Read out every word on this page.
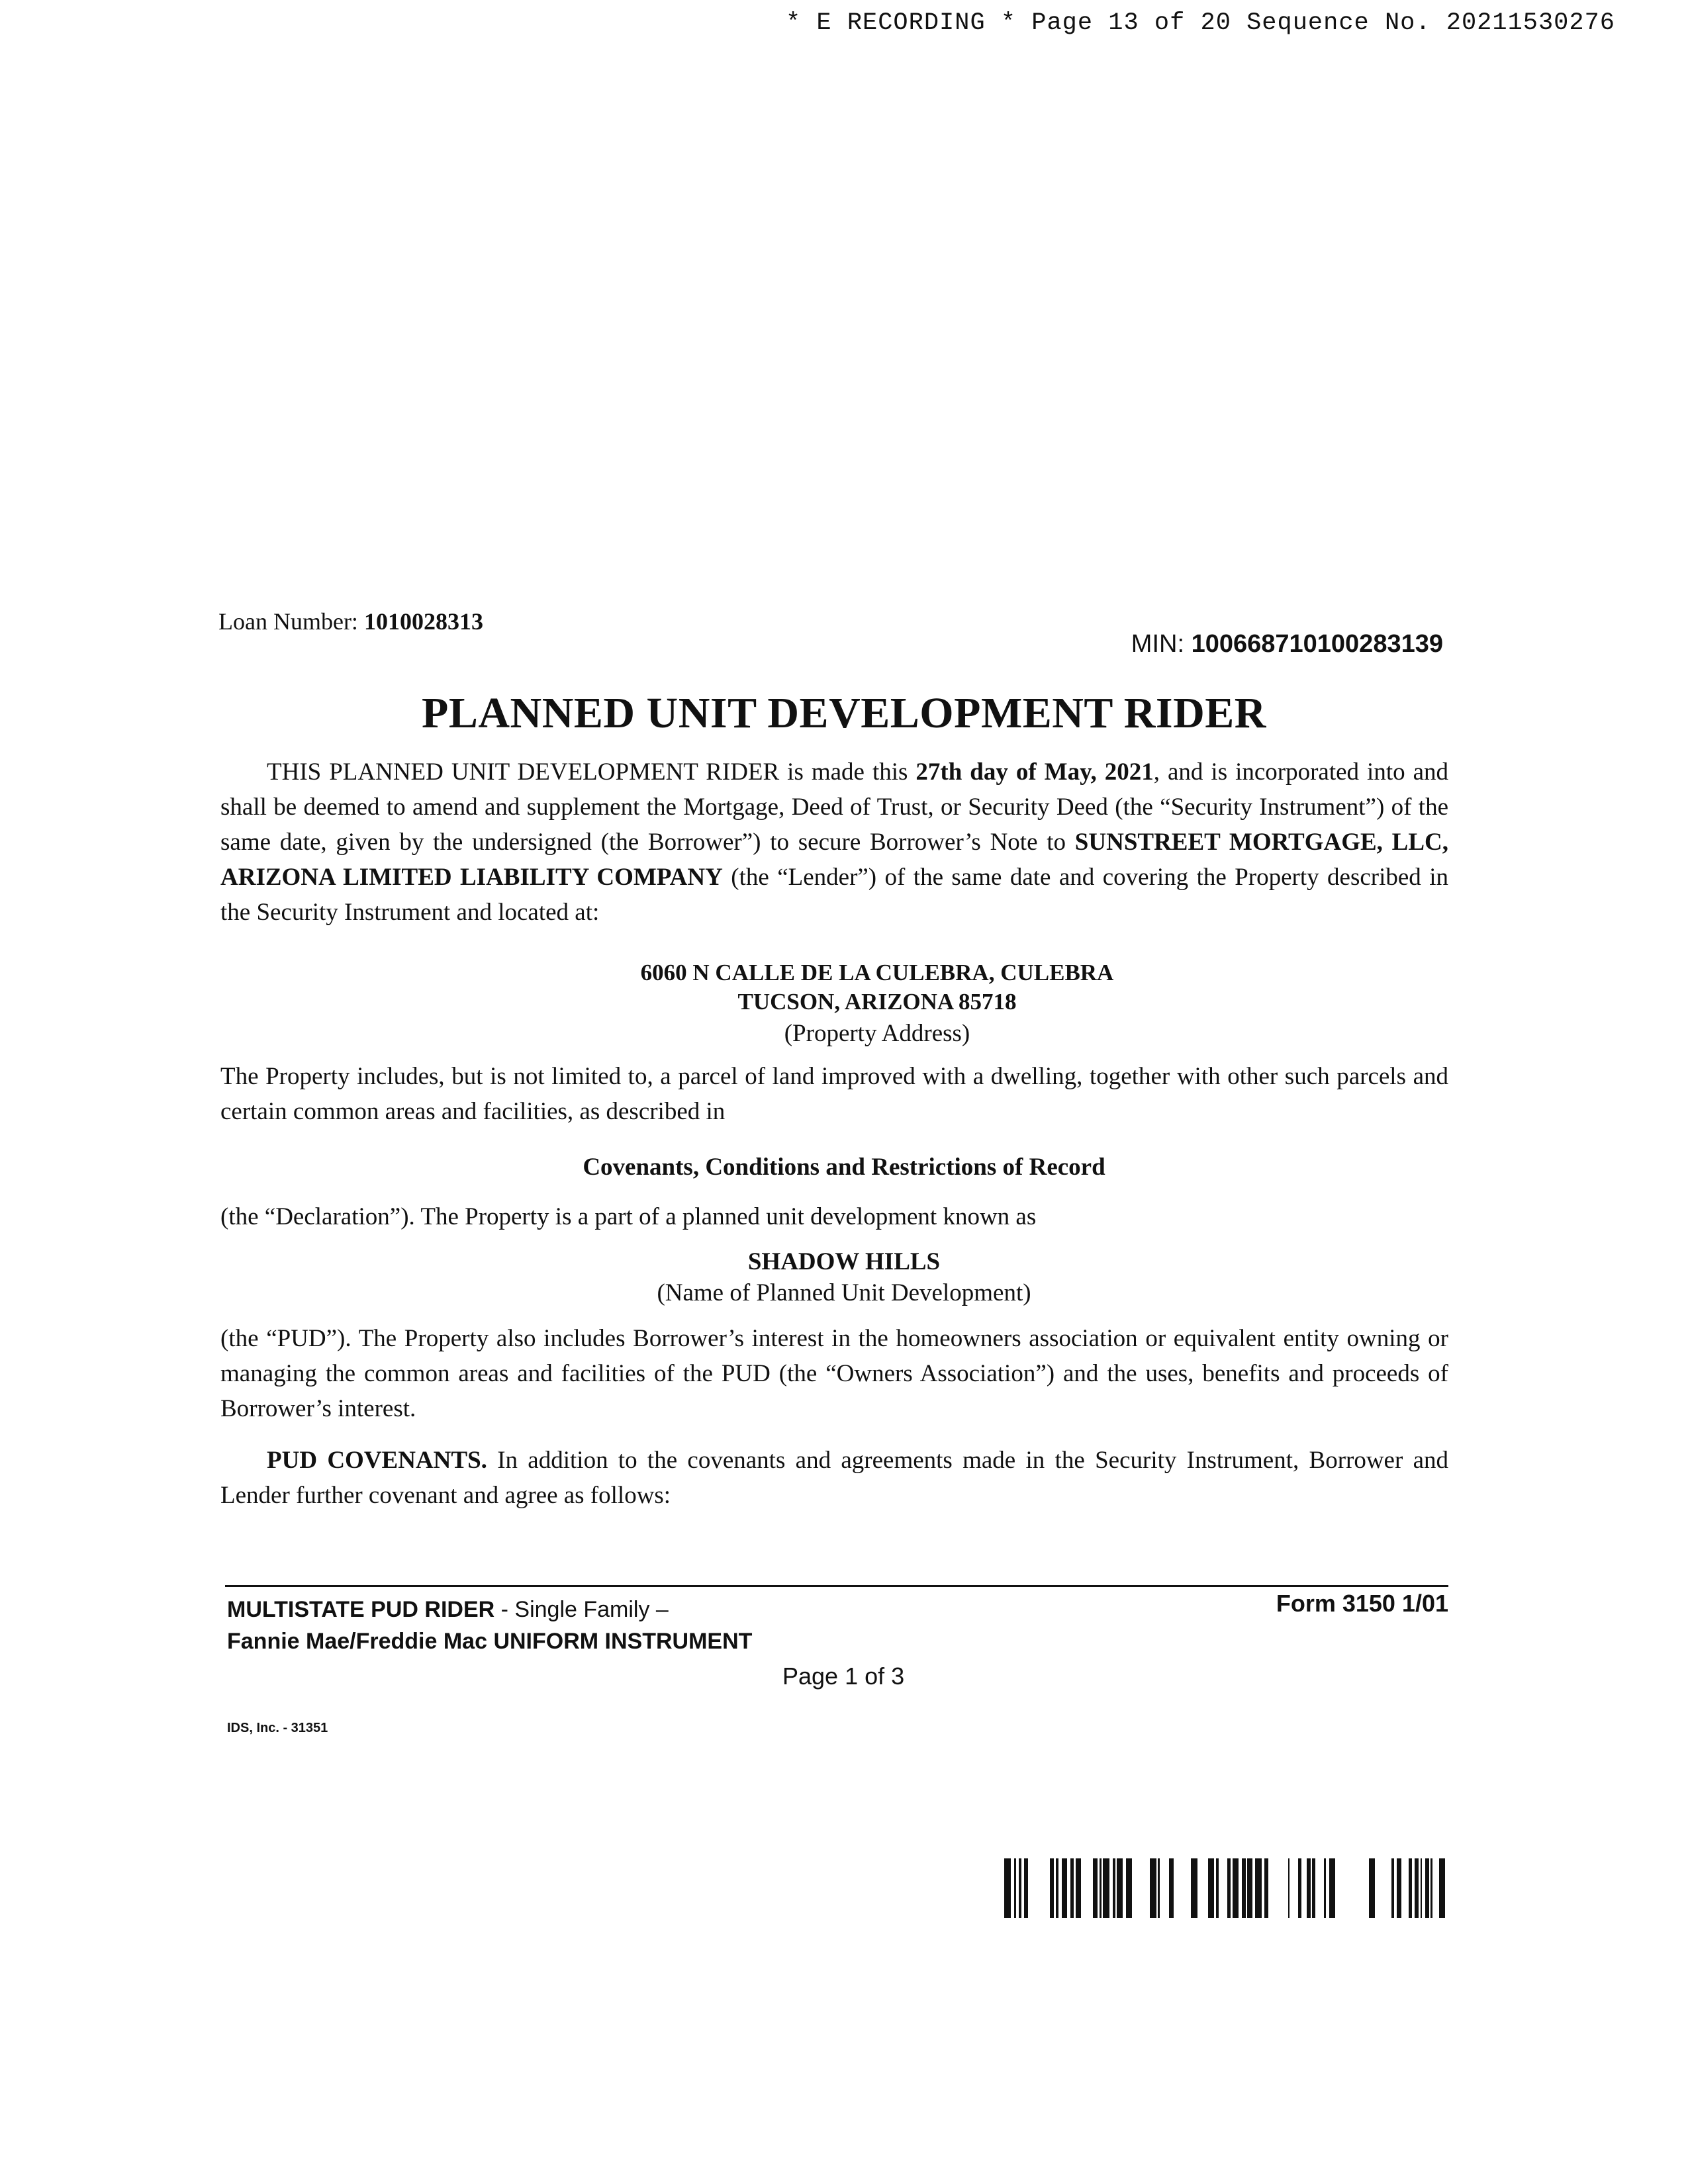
* E RECORDING * Page 13 of 20 Sequence No. 20211530276
Loan Number: 1010028313
MIN: 100668710100283139
PLANNED UNIT DEVELOPMENT RIDER
THIS PLANNED UNIT DEVELOPMENT RIDER is made this 27th day of May, 2021, and is incorporated into and shall be deemed to amend and supplement the Mortgage, Deed of Trust, or Security Deed (the “Security Instrument”) of the same date, given by the undersigned (the Borrower”) to secure Borrower’s Note to SUNSTREET MORTGAGE, LLC, ARIZONA LIMITED LIABILITY COMPANY (the “Lender”) of the same date and covering the Property described in the Security Instrument and located at:
6060 N CALLE DE LA CULEBRA, CULEBRA
TUCSON, ARIZONA 85718
(Property Address)
The Property includes, but is not limited to, a parcel of land improved with a dwelling, together with other such parcels and certain common areas and facilities, as described in
Covenants, Conditions and Restrictions of Record
(the “Declaration”). The Property is a part of a planned unit development known as
SHADOW HILLS
(Name of Planned Unit Development)
(the “PUD”). The Property also includes Borrower’s interest in the homeowners association or equivalent entity owning or managing the common areas and facilities of the PUD (the “Owners Association”) and the uses, benefits and proceeds of Borrower’s interest.
PUD COVENANTS. In addition to the covenants and agreements made in the Security Instrument, Borrower and Lender further covenant and agree as follows:
MULTISTATE PUD RIDER - Single Family –
Fannie Mae/Freddie Mac UNIFORM INSTRUMENT
Form 3150 1/01
Page 1 of 3
IDS, Inc. - 31351
